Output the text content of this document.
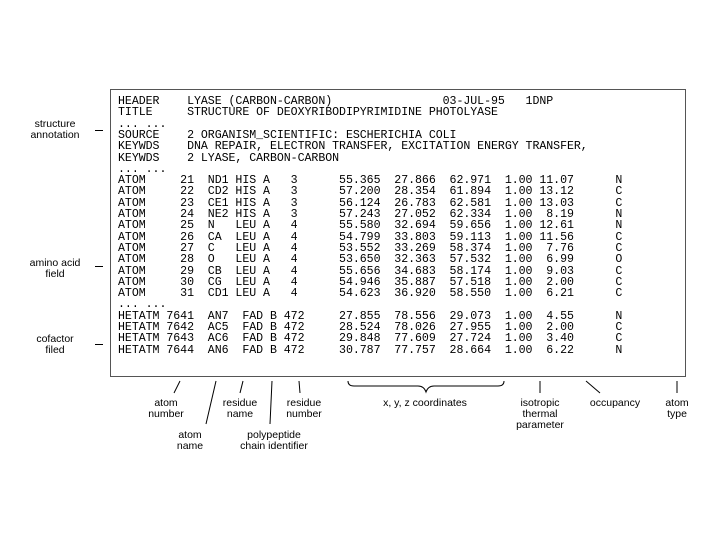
HEADER    LYASE (CARBON-CARBON)                03-JUL-95   1DNP
TITLE     STRUCTURE OF DEOXYRIBODIPYRIMIDINE PHOTOLYASE
... ...
SOURCE    2 ORGANISM_SCIENTIFIC: ESCHERICHIA COLI
KEYWDS    DNA REPAIR, ELECTRON TRANSFER, EXCITATION ENERGY TRANSFER,
KEYWDS    2 LYASE, CARBON-CARBON
... ...
ATOM     21  ND1 HIS A   3      55.365  27.866  62.971  1.00 11.07      N
ATOM     22  CD2 HIS A   3      57.200  28.354  61.894  1.00 13.12      C
ATOM     23  CE1 HIS A   3      56.124  26.783  62.581  1.00 13.03      C
ATOM     24  NE2 HIS A   3      57.243  27.052  62.334  1.00  8.19      N
ATOM     25  N   LEU A   4      55.580  32.694  59.656  1.00 12.61      N
ATOM     26  CA  LEU A   4      54.799  33.803  59.113  1.00 11.56      C
ATOM     27  C   LEU A   4      53.552  33.269  58.374  1.00  7.76      C
ATOM     28  O   LEU A   4      53.650  32.363  57.532  1.00  6.99      O
ATOM     29  CB  LEU A   4      55.656  34.683  58.174  1.00  9.03      C
ATOM     30  CG  LEU A   4      54.946  35.887  57.518  1.00  2.00      C
ATOM     31  CD1 LEU A   4      54.623  36.920  58.550  1.00  6.21      C
... ...
HETATM 7641  AN7  FAD B 472     27.855  78.556  29.073  1.00  4.55      N
HETATM 7642  AC5  FAD B 472     28.524  78.026  27.955  1.00  2.00      C
HETATM 7643  AC6  FAD B 472     29.848  77.609  27.724  1.00  3.40      C
HETATM 7644  AN6  FAD B 472     30.787  77.757  28.664  1.00  6.22      N
structure
annotation
amino acid
field
cofactor
filed
atom
number
atom
name
residue
name
polypeptide
chain identifier
residue
number
x, y, z coordinates	isotropic
thermal
parameter
occupancy	atom
type
